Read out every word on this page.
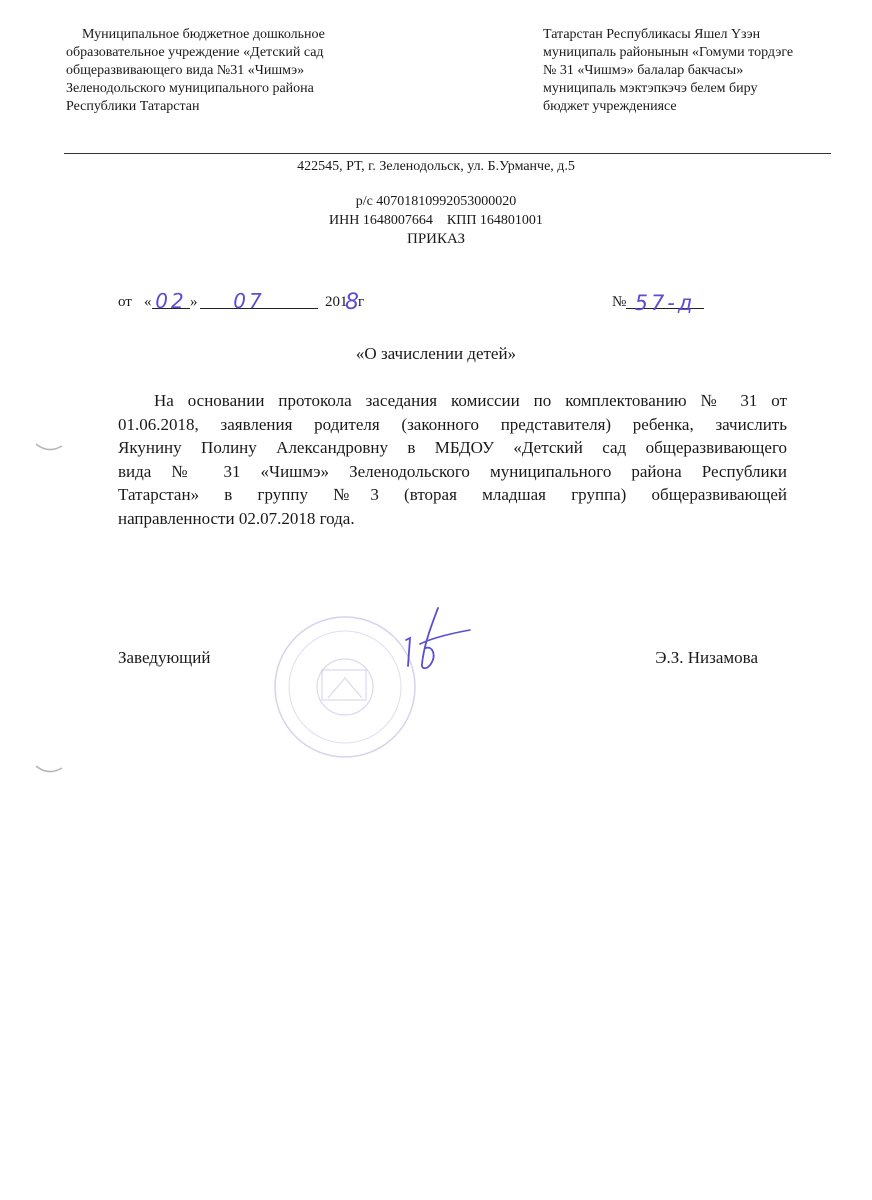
Муниципальное бюджетное дошкольное
образовательное учреждение «Детский сад
общеразвивающего вида №31 «Чишмэ»
Зеленодольского муниципального района
Республики Татарстан
Татарстан Республикасы Яшел Үзэн
муниципаль районынын «Гомуми тордэге
№ 31 «Чишмэ» балалар бакчасы»
муниципаль мэктэпкэчэ белем биру
бюджет учреждениясе
422545, РТ, г. Зеленодольск, ул. Б.Урманче, д.5
р/с 40701810992053000020
ИНН 1648007664    КПП 164801001
ПРИКАЗ
от « 02 »	07	201
8 г	№ 57-д
«О зачислении детей»
На основании протокола заседания комиссии по комплектованию № 31 от
01.06.2018, заявления родителя (законного представителя) ребенка, зачислить
Якунину Полину Александровну в МБДОУ «Детский сад общеразвивающего
вида № 31 «Чишмэ» Зеленодольского муниципального района Республики
Татарстан» в группу №3 (вторая младшая группа) общеразвивающей
направленности 02.07.2018 года.
Заведующий	Э.З. Низамова
